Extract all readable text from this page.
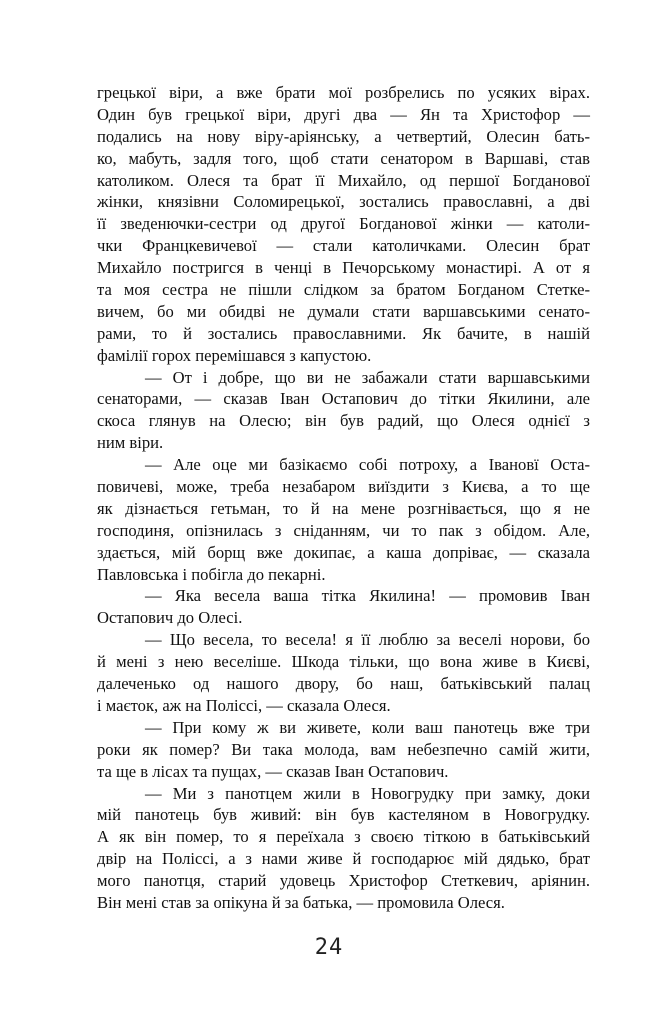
грецької віри, а вже брати мої розбрелись по усяких вірах.
Один був грецької віри, другі два — Ян та Христофор —
подались на нову віру-аріянську, а четвертий, Олесин бать-
ко, мабуть, задля того, щоб стати сенатором в Варшаві, став
католиком. Олеся та брат її Михайло, од першої Богданової
жінки, князівни Соломирецької, зостались православні, а дві
її зведенючки-сестри од другої Богданової жінки — католи-
чки Францкевичевої — стали католичками. Олесин брат
Михайло постригся в ченці в Печорському монастирі. А от я
та моя сестра не пішли слідком за братом Богданом Стетке-
вичем, бо ми обидві не думали стати варшавськими сенато-
рами, то й зостались православними. Як бачите, в нашій
фамілії горох перемішався з капустою.
— От і добре, що ви не забажали стати варшавськими
сенаторами, — сказав Іван Остапович до тітки Якилини, але
скоса глянув на Олесю; він був радий, що Олеся однієї з
ним віри.
— Але оце ми базікаємо собі потроху, а Івановї Оста-
повичеві, може, треба незабаром виїздити з Києва, а то ще
як дізнається гетьман, то й на мене розгнівається, що я не
господиня, опізнилась з сніданням, чи то пак з обідом. Але,
здається, мій борщ вже докипає, а каша допріває, — сказала
Павловська і побігла до пекарні.
— Яка весела ваша тітка Якилина! — промовив Іван
Остапович до Олесі.
— Що весела, то весела! я її люблю за веселі норови, бо
й мені з нею веселіше. Шкода тільки, що вона живе в Києві,
далеченько од нашого двору, бо наш, батьківський палац
і маєток, аж на Поліссі, — сказала Олеся.
— При кому ж ви живете, коли ваш панотець вже три
роки як помер? Ви така молода, вам небезпечно самій жити,
та ще в лісах та пущах, — сказав Іван Остапович.
— Ми з панотцем жили в Новогрудку при замку, доки
мій панотець був живий: він був кастеляном в Новогрудку.
А як він помер, то я переїхала з своєю тіткою в батьківський
двір на Поліссі, а з нами живе й господарює мій дядько, брат
мого панотця, старий удовець Христофор Стеткевич, аріянин.
Він мені став за опікуна й за батька, — промовила Олеся.
24
